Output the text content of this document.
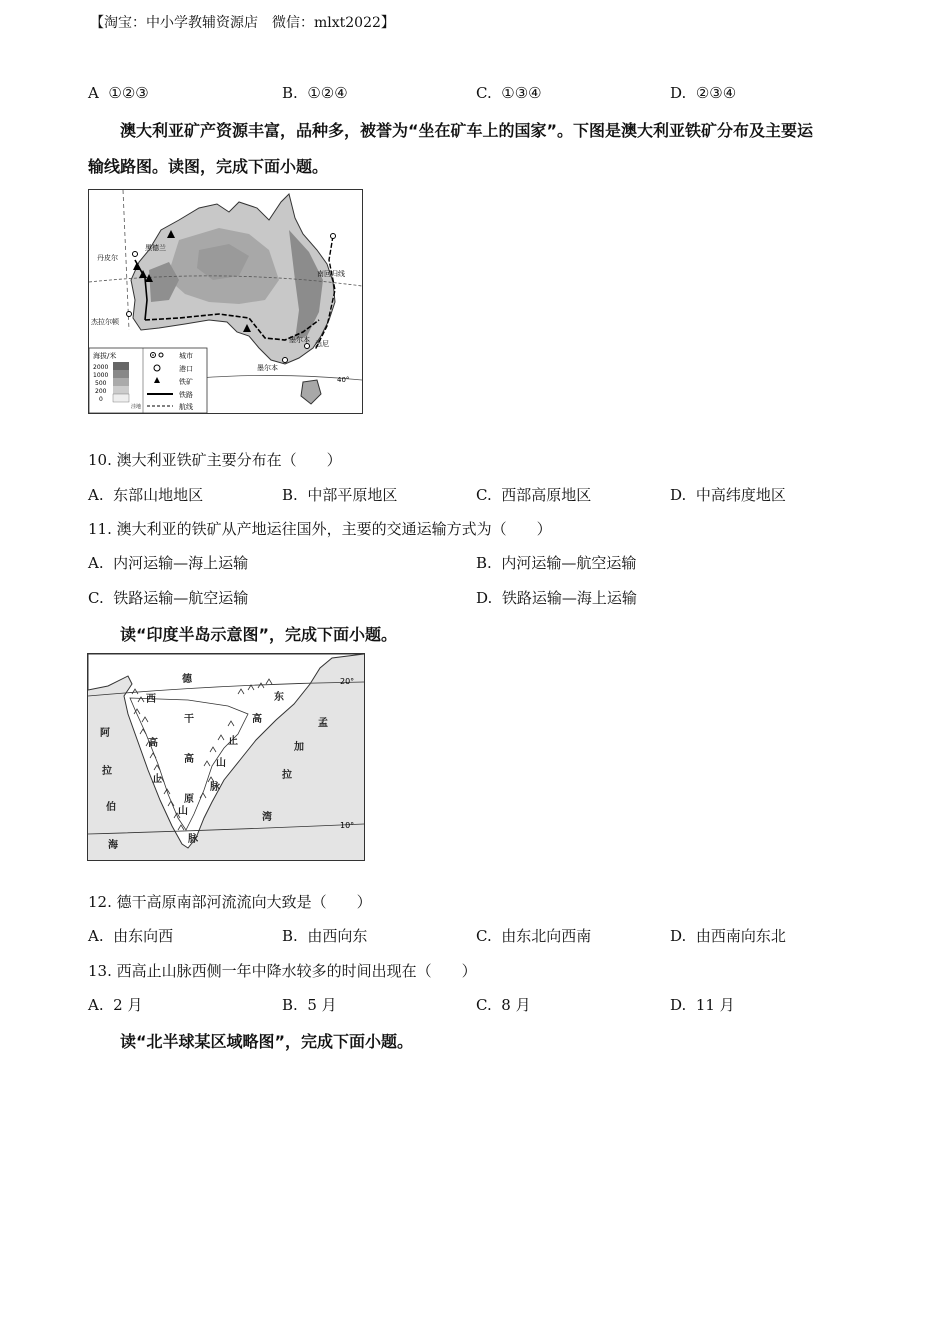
【淘宝：中小学教辅资源店　微信：mlxt2022】
A ①②③	B. ①②④	C. ①③④	D. ②③④
澳大利亚矿产资源丰富，品种多，被誉为“坐在矿车上的国家”。下图是澳大利亚铁矿分布及主要运
输线路图。读图，完成下面小题。
黑德兰
丹皮尔
杰拉尔顿
南回归线
墨尔本 悉尼
墨尔本
40°
海拔/米
2000
1000
500
200
0
洼地
城市
港口
铁矿
铁路
航线
10. 澳大利亚铁矿主要分布在（　　）
A. 东部山地地区	B. 中部平原地区	C. 西部高原地区	D. 中高纬度地区
11. 澳大利亚的铁矿从产地运往国外，主要的交通运输方式为（　　）
A. 内河运输—海上运输	B. 内河运输—航空运输
C. 铁路运输—航空运输	D. 铁路运输—海上运输
读“印度半岛示意图”，完成下面小题。
德
干
高
原
西
高
止
山
脉
东
高
止
山
脉
阿
拉
伯
海
孟
加
拉
湾
20°
10°
12. 德干高原南部河流流向大致是（　　）
A. 由东向西	B. 由西向东	C. 由东北向西南	D. 由西南向东北
13. 西高止山脉西侧一年中降水较多的时间出现在（　　）
A. 2 月	B. 5 月	C. 8 月	D. 11 月
读“北半球某区域略图”，完成下面小题。
